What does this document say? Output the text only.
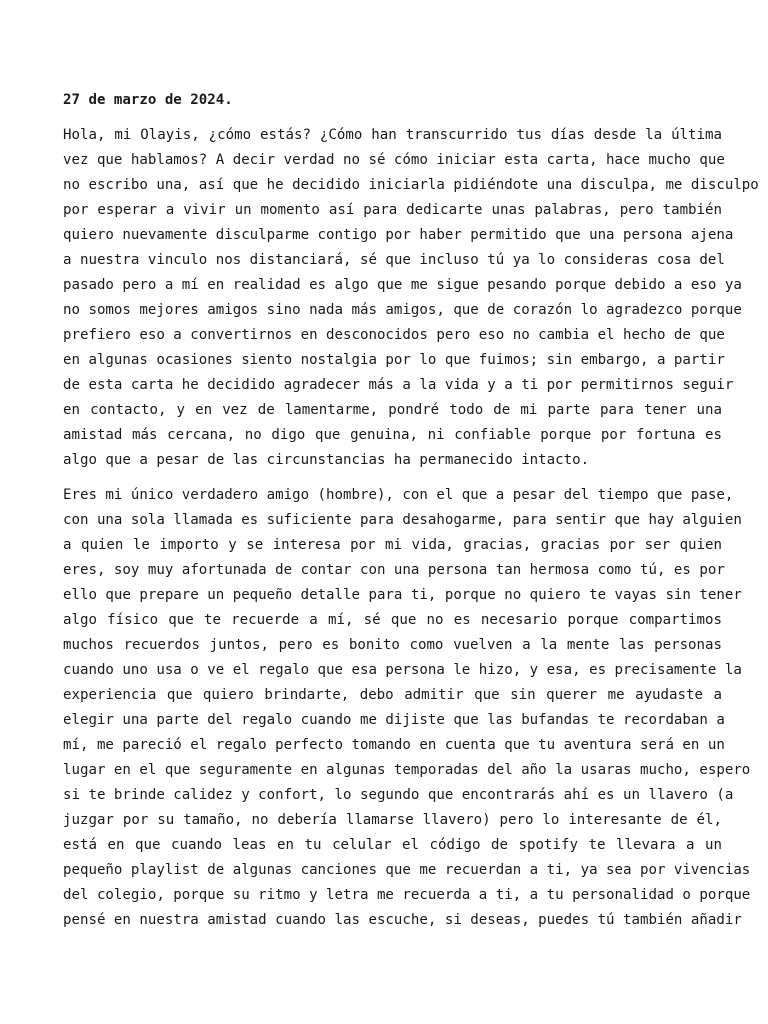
27 de marzo de 2024.
Hola, mi Olayis, ¿cómo estás? ¿Cómo han transcurrido tus días desde la última
vez que hablamos? A decir verdad no sé cómo iniciar esta carta, hace mucho que
no escribo una, así que he decidido iniciarla pidiéndote una disculpa, me disculpo
por esperar a vivir un momento así para dedicarte unas palabras, pero también
quiero nuevamente disculparme contigo por haber permitido que una persona ajena
a nuestra vinculo nos distanciará, sé que incluso tú ya lo consideras cosa del
pasado pero a mí en realidad es algo que me sigue pesando porque debido a eso ya
no somos mejores amigos sino nada más amigos, que de corazón lo agradezco porque
prefiero eso a convertirnos en desconocidos pero eso no cambia el hecho de que
en algunas ocasiones siento nostalgia por lo que fuimos; sin embargo, a partir
de esta carta he decidido agradecer más a la vida y a ti por permitirnos seguir
en contacto, y en vez de lamentarme, pondré todo de mi parte para tener una
amistad más cercana, no digo que genuina, ni confiable porque por fortuna es
algo que a pesar de las circunstancias ha permanecido intacto.
Eres mi único verdadero amigo (hombre), con el que a pesar del tiempo que pase,
con una sola llamada es suficiente para desahogarme, para sentir que hay alguien
a quien le importo y se interesa por mi vida, gracias, gracias por ser quien
eres, soy muy afortunada de contar con una persona tan hermosa como tú, es por
ello que prepare un pequeño detalle para ti, porque no quiero te vayas sin tener
algo físico que te recuerde a mí, sé que no es necesario porque compartimos
muchos recuerdos juntos, pero es bonito como vuelven a la mente las personas
cuando uno usa o ve el regalo que esa persona le hizo, y esa, es precisamente la
experiencia que quiero brindarte, debo admitir que sin querer me ayudaste a
elegir una parte del regalo cuando me dijiste que las bufandas te recordaban a
mí, me pareció el regalo perfecto tomando en cuenta que tu aventura será en un
lugar en el que seguramente en algunas temporadas del año la usaras mucho, espero
si te brinde calidez y confort, lo segundo que encontrarás ahí es un llavero (a
juzgar por su tamaño, no debería llamarse llavero) pero lo interesante de él,
está en que cuando leas en tu celular el código de spotify te llevara a un
pequeño playlist de algunas canciones que me recuerdan a ti, ya sea por vivencias
del colegio, porque su ritmo y letra me recuerda a ti, a tu personalidad o porque
pensé en nuestra amistad cuando las escuche, si deseas, puedes tú también añadir
